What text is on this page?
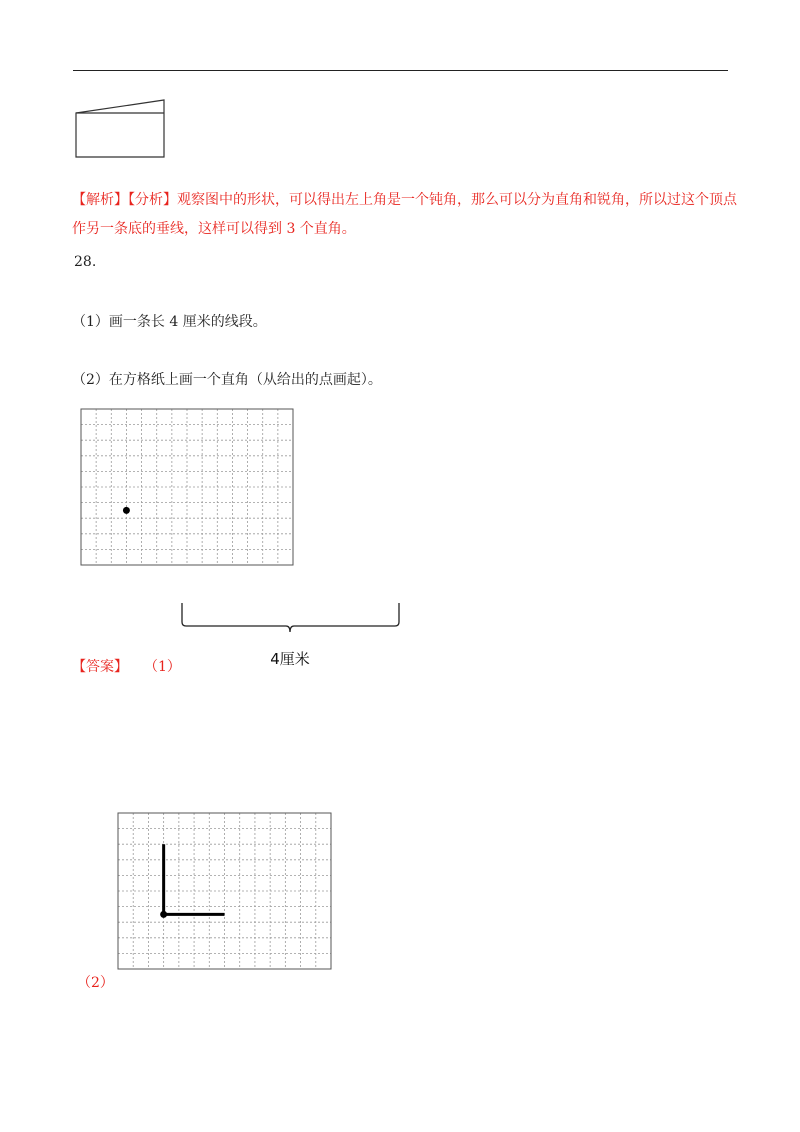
【解析】【分析】观察图中的形状，可以得出左上角是一个钝角，那么可以分为直角和锐角，所以过这个顶点作另一条底的垂线，这样可以得到 3 个直角。
28.
（1）画一条长 4 厘米的线段。
（2）在方格纸上画一个直角（从给出的点画起）。
4厘米
【答案】 （1）
（2）
